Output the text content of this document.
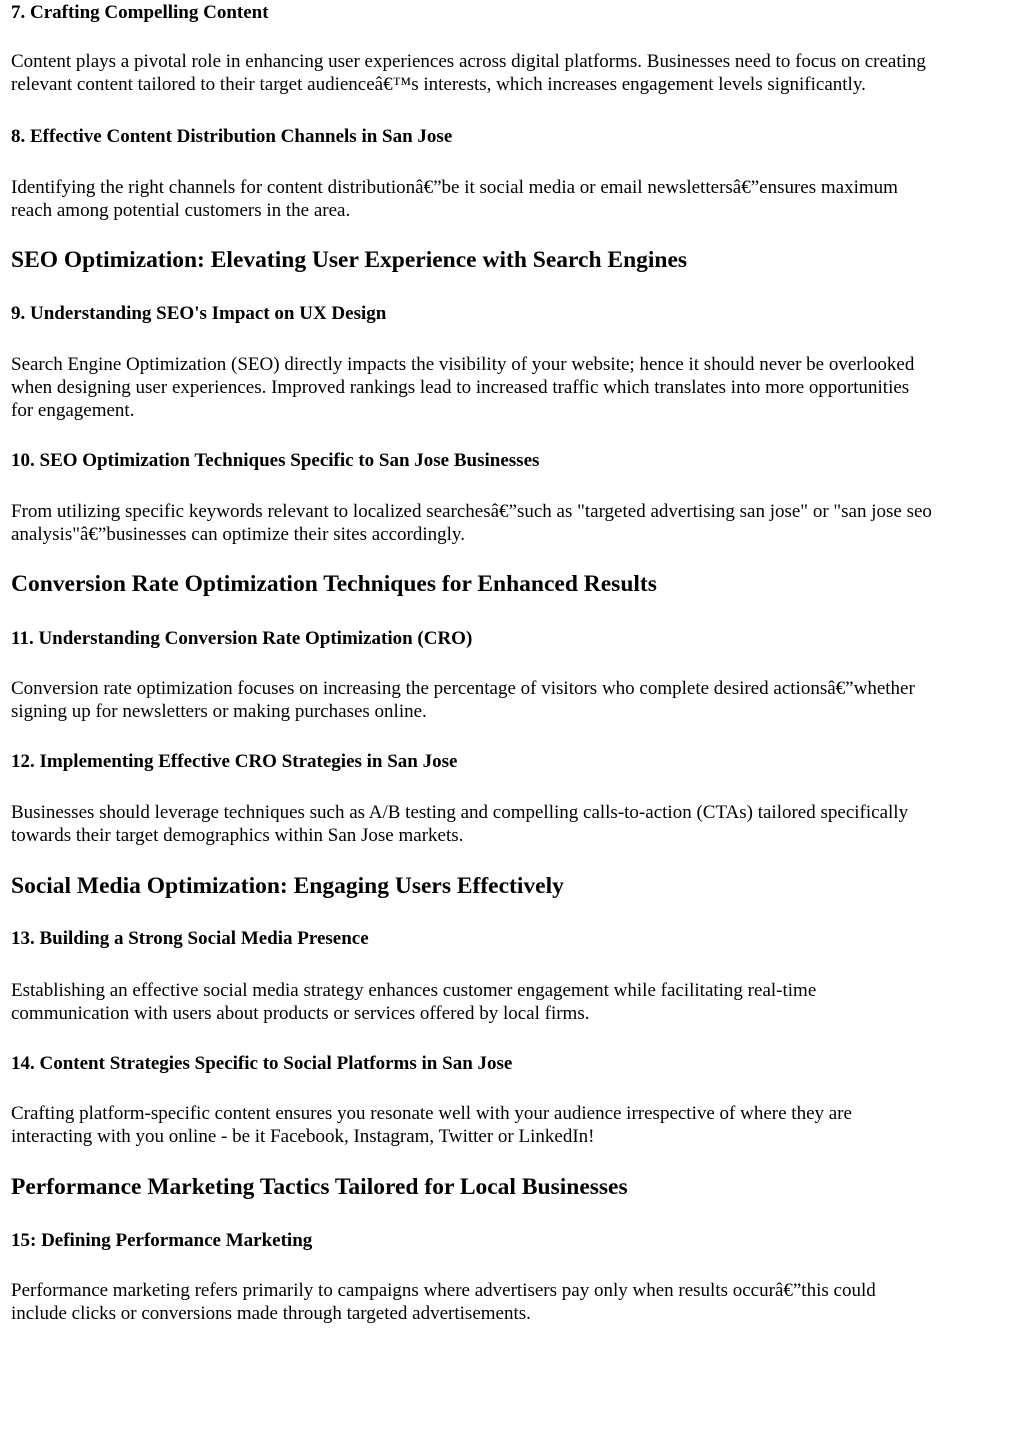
7. Crafting Compelling Content

Content plays a pivotal role in enhancing user experiences across digital platforms. Businesses need to focus on creating
relevant content tailored to their target audienceâ€™s interests, which increases engagement levels significantly.

8. Effective Content Distribution Channels in San Jose

Identifying the right channels for content distributionâ€”be it social media or email newslettersâ€”ensures maximum
reach among potential customers in the area.

SEO Optimization: Elevating User Experience with Search Engines
9. Understanding SEO's Impact on UX Design

Search Engine Optimization (SEO) directly impacts the visibility of your website; hence it should never be overlooked
when designing user experiences. Improved rankings lead to increased traffic which translates into more opportunities
for engagement.

10. SEO Optimization Techniques Specific to San Jose Businesses

From utilizing specific keywords relevant to localized searchesâ€”such as "targeted advertising san jose" or "san jose seo
analysis"â€”businesses can optimize their sites accordingly.

Conversion Rate Optimization Techniques for Enhanced Results
11. Understanding Conversion Rate Optimization (CRO)

Conversion rate optimization focuses on increasing the percentage of visitors who complete desired actionsâ€”whether
signing up for newsletters or making purchases online.

12. Implementing Effective CRO Strategies in San Jose

Businesses should leverage techniques such as A/B testing and compelling calls-to-action (CTAs) tailored specifically
towards their target demographics within San Jose markets.

Social Media Optimization: Engaging Users Effectively
13. Building a Strong Social Media Presence

Establishing an effective social media strategy enhances customer engagement while facilitating real-time
communication with users about products or services offered by local firms.

14. Content Strategies Specific to Social Platforms in San Jose

Crafting platform-specific content ensures you resonate well with your audience irrespective of where they are
interacting with you online - be it Facebook, Instagram, Twitter or LinkedIn!

Performance Marketing Tactics Tailored for Local Businesses
15: Defining Performance Marketing

Performance marketing refers primarily to campaigns where advertisers pay only when results occurâ€”this could
include clicks or conversions made through targeted advertisements.
